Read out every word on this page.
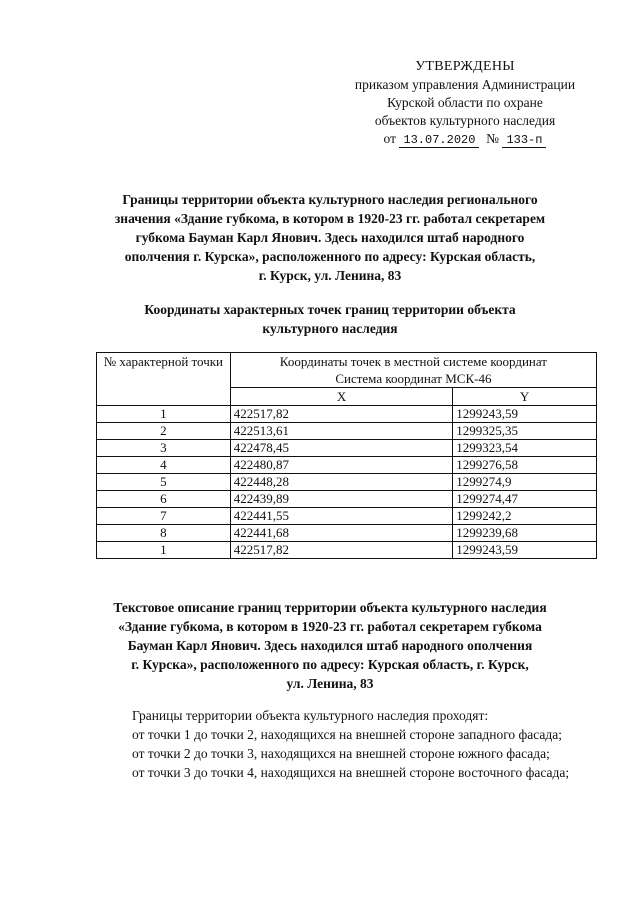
УТВЕРЖДЕНЫ
приказом управления Администрации
Курской области по охране
объектов культурного наследия
от 13.07.2020 № 133-п
Границы территории объекта культурного наследия регионального
значения «Здание губкома, в котором в 1920-23 гг. работал секретарем
губкома Бауман Карл Янович. Здесь находился штаб народного
ополчения г. Курска», расположенного по адресу: Курская область,
г. Курск, ул. Ленина, 83
Координаты характерных точек границ территории объекта
культурного наследия
№ характерной точки	Координаты точек в местной системе координат
Система координат МСК-46	

	X	Y
1	422517,82	1299243,59
2	422513,61	1299325,35
3	422478,45	1299323,54
4	422480,87	1299276,58
5	422448,28	1299274,9
6	422439,89	1299274,47
7	422441,55	1299242,2
8	422441,68	1299239,68
1	422517,82	1299243,59
Текстовое описание границ территории объекта культурного наследия
«Здание губкома, в котором в 1920-23 гг. работал секретарем губкома
Бауман Карл Янович. Здесь находился штаб народного ополчения
г. Курска», расположенного по адресу: Курская область, г. Курск,
ул. Ленина, 83

Границы территории объекта культурного наследия проходят:

от точки 1 до точки 2, находящихся на внешней стороне западного фасада;

от точки 2 до точки 3, находящихся на внешней стороне южного фасада;

от точки 3 до точки 4, находящихся на внешней стороне восточного фасада;
